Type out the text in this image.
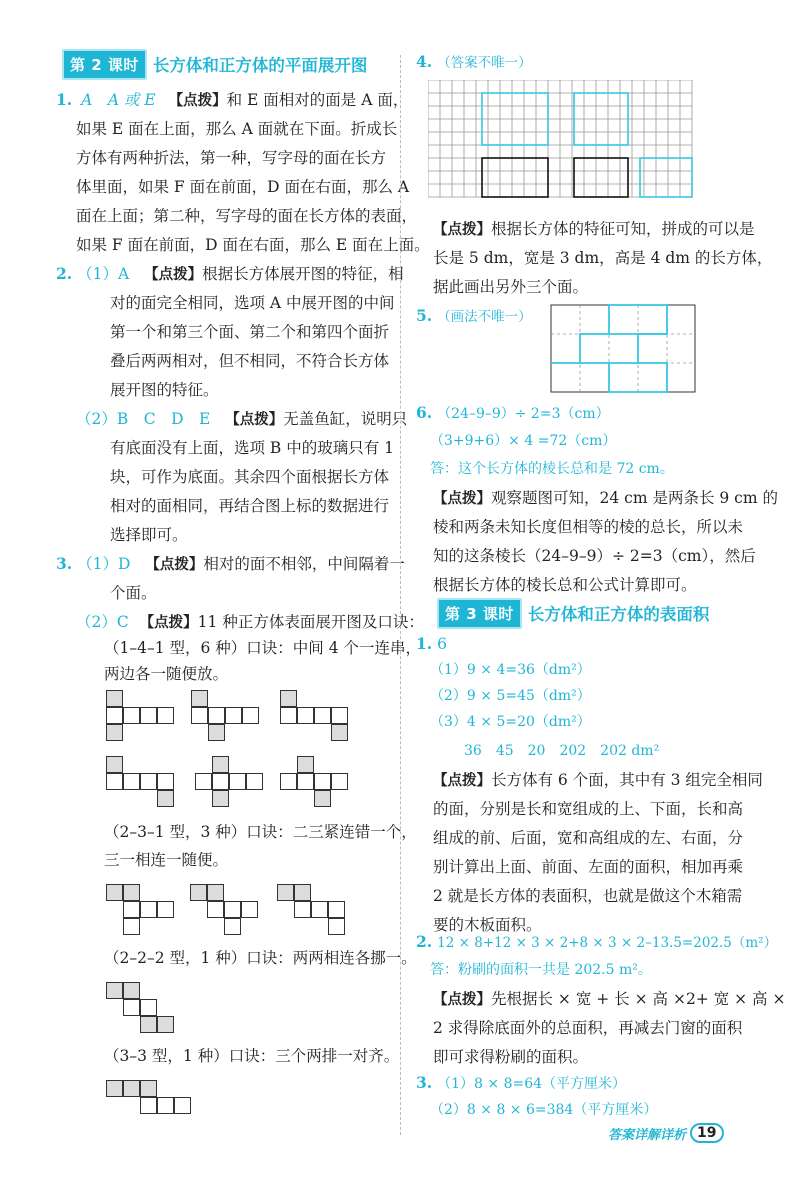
第 2 课时 长方体和正方体的平面展开图
1. A　A 或 E 【点拨】和 E 面相对的面是 A 面，
如果 E 面在上面，那么 A 面就在下面。折成长
方体有两种折法，第一种，写字母的面在长方
体里面，如果 F 面在前面，D 面在右面，那么 A
面在上面；第二种，写字母的面在长方体的表面，
如果 F 面在前面，D 面在右面，那么 E 面在上面。
2. （1）A 【点拨】根据长方体展开图的特征，相
对的面完全相同，选项 A 中展开图的中间
第一个和第三个面、第二个和第四个面折
叠后两两相对，但不相同，不符合长方体
展开图的特征。
（2）B　C　D　E 【点拨】无盖鱼缸，说明只
有底面没有上面，选项 B 中的玻璃只有 1
块，可作为底面。其余四个面根据长方体
相对的面相同，再结合图上标的数据进行
选择即可。
3. （1）D 【点拨】相对的面不相邻，中间隔着一
个面。
（2）C 【点拨】11 种正方体表面展开图及口诀：
（1–4–1 型，6 种）口诀：中间 4 个一连串，
两边各一随便放。
（2–3–1 型，3 种）口诀：二三紧连错一个，
三一相连一随便。
（2–2–2 型，1 种）口诀：两两相连各挪一。
（3–3 型，1 种）口诀：三个两排一对齐。
4. （答案不唯一）
【点拨】根据长方体的特征可知，拼成的可以是
长是 5 dm，宽是 3 dm，高是 4 dm 的长方体，
据此画出另外三个面。
5. （画法不唯一）
6. （24–9–9）÷ 2=3（cm）
（3+9+6）× 4 =72（cm）
答：这个长方体的棱长总和是 72 cm。
【点拨】观察题图可知，24 cm 是两条长 9 cm 的
棱和两条未知长度但相等的棱的总长，所以未
知的这条棱长（24–9–9）÷ 2=3（cm），然后
根据长方体的棱长总和公式计算即可。
第 3 课时 长方体和正方体的表面积
1. 6
（1）9 × 4=36（dm²）
（2）9 × 5=45（dm²）
（3）4 × 5=20（dm²）
36　45　20　202　202 dm²
【点拨】长方体有 6 个面，其中有 3 组完全相同
的面，分别是长和宽组成的上、下面，长和高
组成的前、后面，宽和高组成的左、右面，分
别计算出上面、前面、左面的面积，相加再乘
2 就是长方体的表面积，也就是做这个木箱需
要的木板面积。
2. 12 × 8+12 × 3 × 2+8 × 3 × 2–13.5=202.5（m²）
答：粉刷的面积一共是 202.5 m²。
【点拨】先根据长 × 宽 + 长 × 高 ×2+ 宽 × 高 ×
2 求得除底面外的总面积，再减去门窗的面积
即可求得粉刷的面积。
3. （1）8 × 8=64（平方厘米）
（2）8 × 8 × 6=384（平方厘米）
答案详解详析 19
